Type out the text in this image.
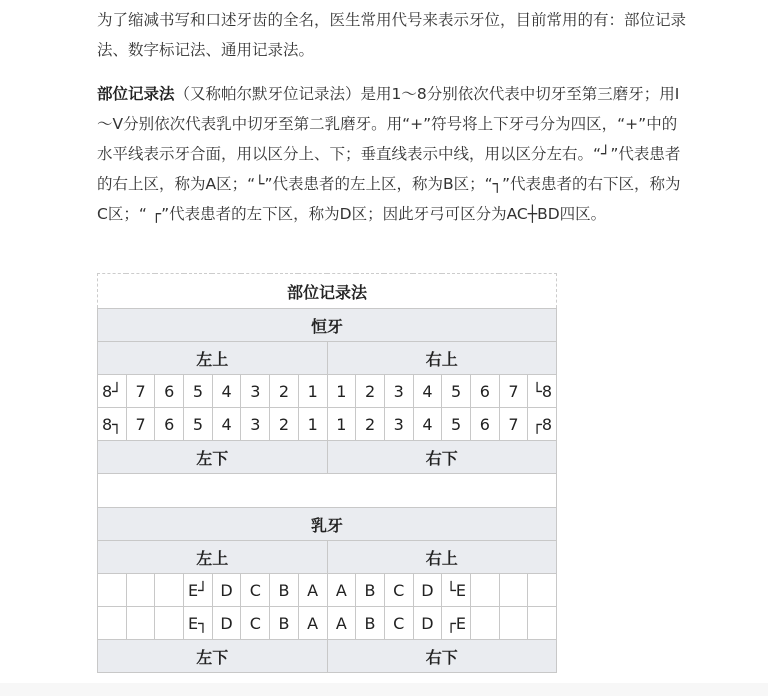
为了缩减书写和口述牙齿的全名，医生常用代号来表示牙位，目前常用的有：部位记录法、数字标记法、通用记录法。

部位记录法（又称帕尔默牙位记录法）是用1～8分别依次代表中切牙至第三磨牙；用Ⅰ～Ⅴ分别依次代表乳中切牙至第二乳磨牙。用“+”符号将上下牙弓分为四区，“+”中的水平线表示牙合面，用以区分上、下；垂直线表示中线，用以区分左右。“┘”代表患者的右上区，称为A区；“└”代表患者的左上区，称为B区；“┐”代表患者的右下区，称为C区；“ ┌”代表患者的左下区，称为D区；因此牙弓可区分为AC┼BD四区。

部位记录法															
恒牙															
左上								右上							
8┘	7	6	5	4	3	2	1	1	2	3	4	5	6	7	└8
8┐	7	6	5	4	3	2	1	1	2	3	4	5	6	7	┌8
左下								右下							

乳牙															
左上								右上							
			E┘	D	C	B	A	A	B	C	D	└E			
			E┐	D	C	B	A	A	B	C	D	┌E			
左下								右下							
